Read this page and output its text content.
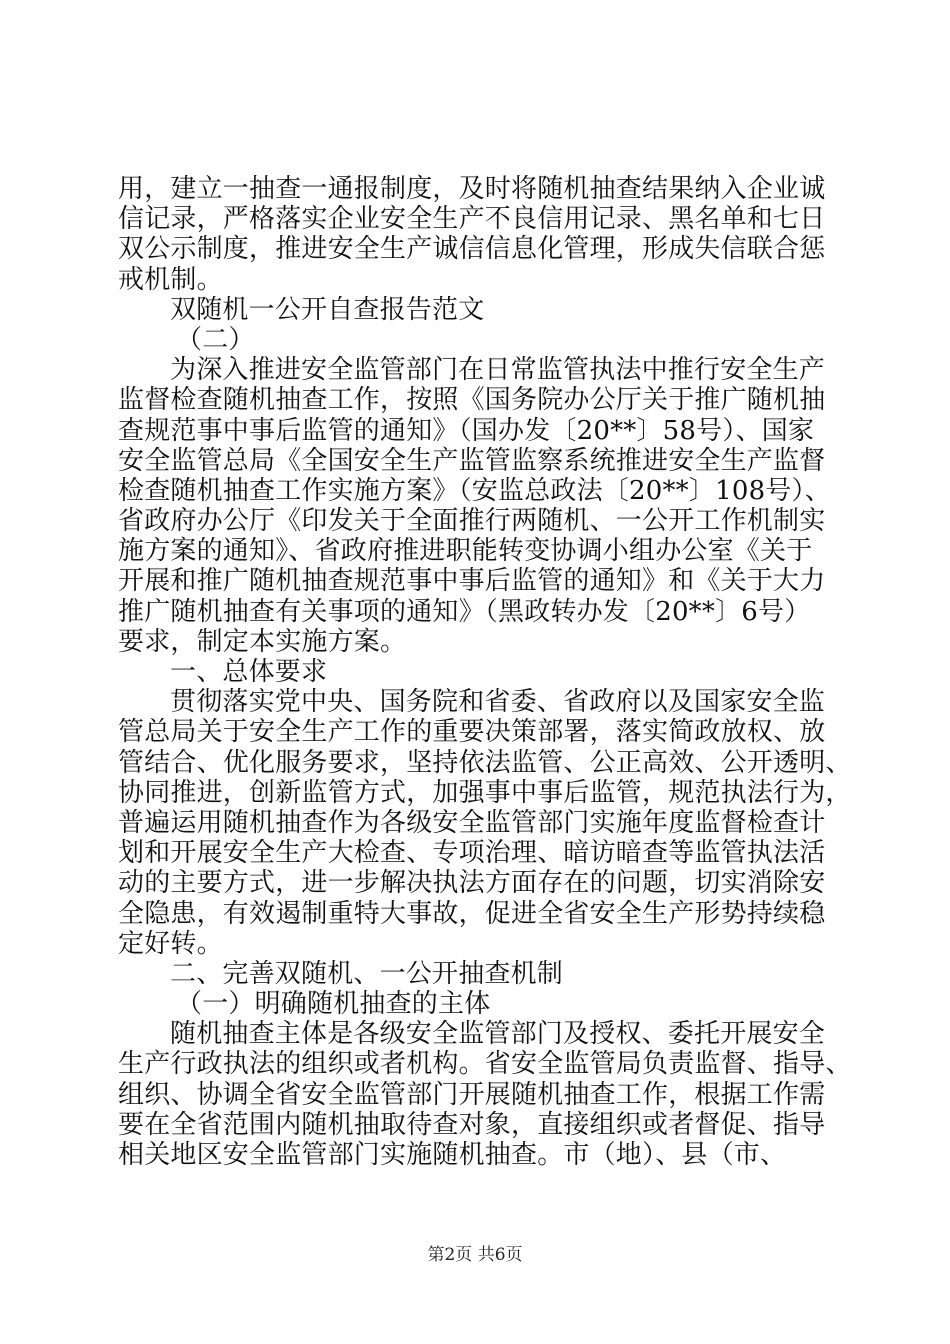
用，建立一抽查一通报制度，及时将随机抽查结果纳入企业诚
信记录，严格落实企业安全生产不良信用记录、黑名单和七日
双公示制度，推进安全生产诚信信息化管理，形成失信联合惩
戒机制。
双随机一公开自查报告范文
（二）
为深入推进安全监管部门在日常监管执法中推行安全生产
监督检查随机抽查工作，按照《国务院办公厅关于推广随机抽
查规范事中事后监管的通知》（国办发〔20**〕58号）、国家
安全监管总局《全国安全生产监管监察系统推进安全生产监督
检查随机抽查工作实施方案》（安监总政法〔20**〕108号）、
省政府办公厅《印发关于全面推行两随机、一公开工作机制实
施方案的通知》、省政府推进职能转变协调小组办公室《关于
开展和推广随机抽查规范事中事后监管的通知》和《关于大力
推广随机抽查有关事项的通知》（黑政转办发〔20**〕6号）
要求，制定本实施方案。
一、总体要求
贯彻落实党中央、国务院和省委、省政府以及国家安全监
管总局关于安全生产工作的重要决策部署，落实简政放权、放
管结合、优化服务要求，坚持依法监管、公正高效、公开透明、
协同推进，创新监管方式，加强事中事后监管，规范执法行为，
普遍运用随机抽查作为各级安全监管部门实施年度监督检查计
划和开展安全生产大检查、专项治理、暗访暗查等监管执法活
动的主要方式，进一步解决执法方面存在的问题，切实消除安
全隐患，有效遏制重特大事故，促进全省安全生产形势持续稳
定好转。
二、完善双随机、一公开抽查机制
（一）明确随机抽查的主体
随机抽查主体是各级安全监管部门及授权、委托开展安全
生产行政执法的组织或者机构。省安全监管局负责监督、指导、
组织、协调全省安全监管部门开展随机抽查工作，根据工作需
要在全省范围内随机抽取待查对象，直接组织或者督促、指导
相关地区安全监管部门实施随机抽查。市（地）、县（市、
第2页 共6页
